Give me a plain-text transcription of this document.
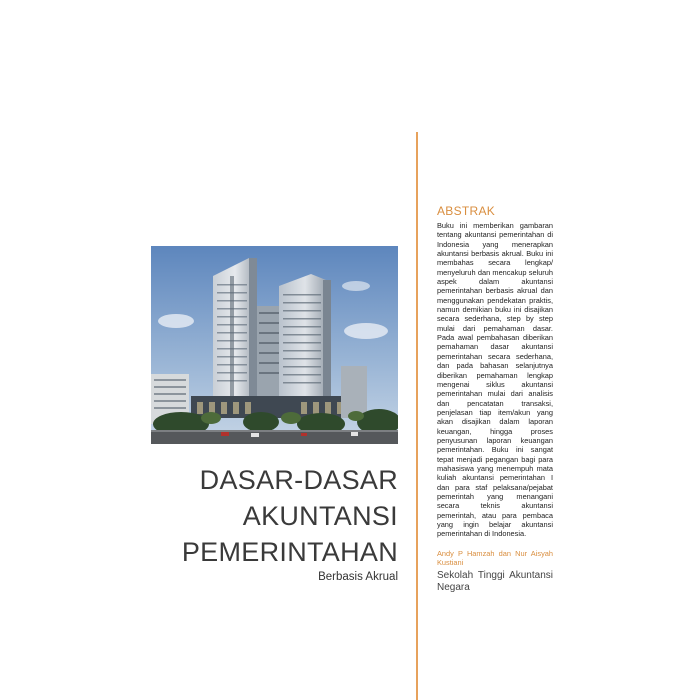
DASAR-DASAR
AKUNTANSI
PEMERINTAHAN
Berbasis Akrual
ABSTRAK
Buku ini memberikan gambaran tentang akuntansi pemerintahan di Indonesia yang menerapkan akuntansi berbasis akrual. Buku ini membahas secara lengkap/ menyeluruh dan mencakup seluruh aspek dalam akuntansi pemerintahan berbasis akrual dan menggunakan pendekatan praktis, namun demikian buku ini disajikan secara sederhana, step by step mulai dari pemahaman dasar. Pada awal pembahasan diberikan pemahaman dasar akuntansi pemerintahan secara sederhana, dan pada bahasan selanjutnya diberikan pemahaman lengkap mengenai siklus akuntansi pemerintahan mulai dari analisis dan pencatatan transaksi, penjelasan tiap item/akun yang akan disajikan dalam laporan keuangan, hingga proses penyusunan laporan keuangan pemerintahan. Buku ini sangat tepat menjadi pegangan bagi para mahasiswa yang menempuh mata kuliah akuntansi pemerintahan I dan para staf pelaksana/pejabat pemerintah yang menangani secara teknis akuntansi pemerintah, atau para pembaca yang ingin belajar akuntansi pemerintahan di Indonesia.
Andy P Hamzah dan Nur Aisyah Kustiani
Sekolah Tinggi Akuntansi Negara
